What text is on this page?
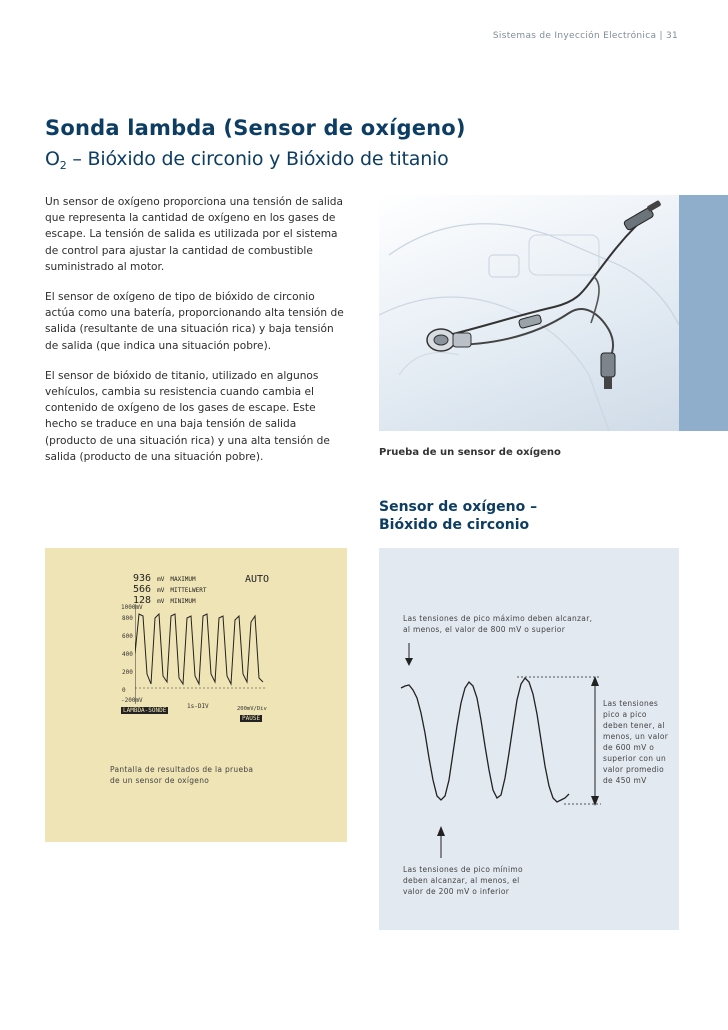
Sistemas de Inyección Electrónica | 31
Sonda lambda (Sensor de oxígeno)
$O_2$ – Bióxido de circonio y Bióxido de titanio

Un sensor de oxígeno proporciona una tensión de salida que representa la cantidad de oxígeno en los gases de escape. La tensión de salida es utilizada por el sistema de control para ajustar la cantidad de combustible suministrado al motor.

El sensor de oxígeno de tipo de bióxido de circonio actúa como una batería, proporcionando alta tensión de salida (resultante de una situación rica) y baja tensión de salida (que indica una situación pobre).

El sensor de bióxido de titanio, utilizado en algunos vehículos, cambia su resistencia cuando cambia el contenido de oxígeno de los gases de escape. Este hecho se traduce en una baja tensión de salida (producto de una situación rica) y una alta tensión de salida (producto de una situación pobre).	Prueba de un sensor de oxígeno
Sensor de oxígeno –
Bióxido de circonio
936 mV MAXIMUM
566 mV MITTELWERT
128 mV MINIMUM
AUTO
1000mV
800
600
400
200
0
-200mV
LAMBDA-SONDE
1s-DIV	200mV/Div
PAUSE
Pantalla de resultados de la prueba de un sensor de oxígeno
Las tensiones de pico máximo deben alcanzar, al menos, el valor de 800 mV o superior
Las tensiones pico a pico deben tener, al menos, un valor de 600 mV o superior con un valor promedio de 450 mV
Las tensiones de pico mínimo deben alcanzar, al menos, el valor de 200 mV o inferior
